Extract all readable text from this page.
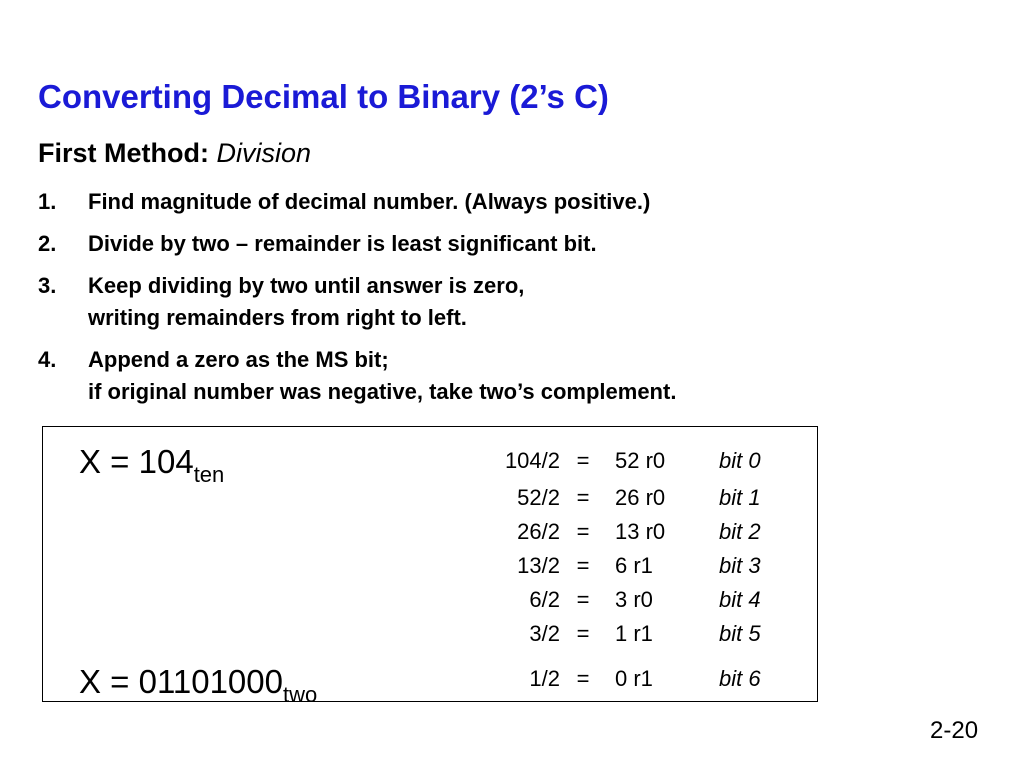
Converting Decimal to Binary (2’s C)
First Method: Division
1.	Find magnitude of decimal number. (Always positive.)
2.	Divide by two – remainder is least significant bit.
3.	Keep dividing by two until answer is zero,
writing remainders from right to left.
4.	Append a zero as the MS bit;
if original number was negative, take two’s complement.
$X = 104_{ten}$
$X = 01101000_{two}$
104/2 = 52 r0 bit 0
52/2 = 26 r0 bit 1
26/2 = 13 r0 bit 2
13/2 = 6 r1	bit 3
6/2 = 3 r0	bit 4
3/2 = 1 r1	bit 5
1/2 = 0 r1	bit 6
2-20
